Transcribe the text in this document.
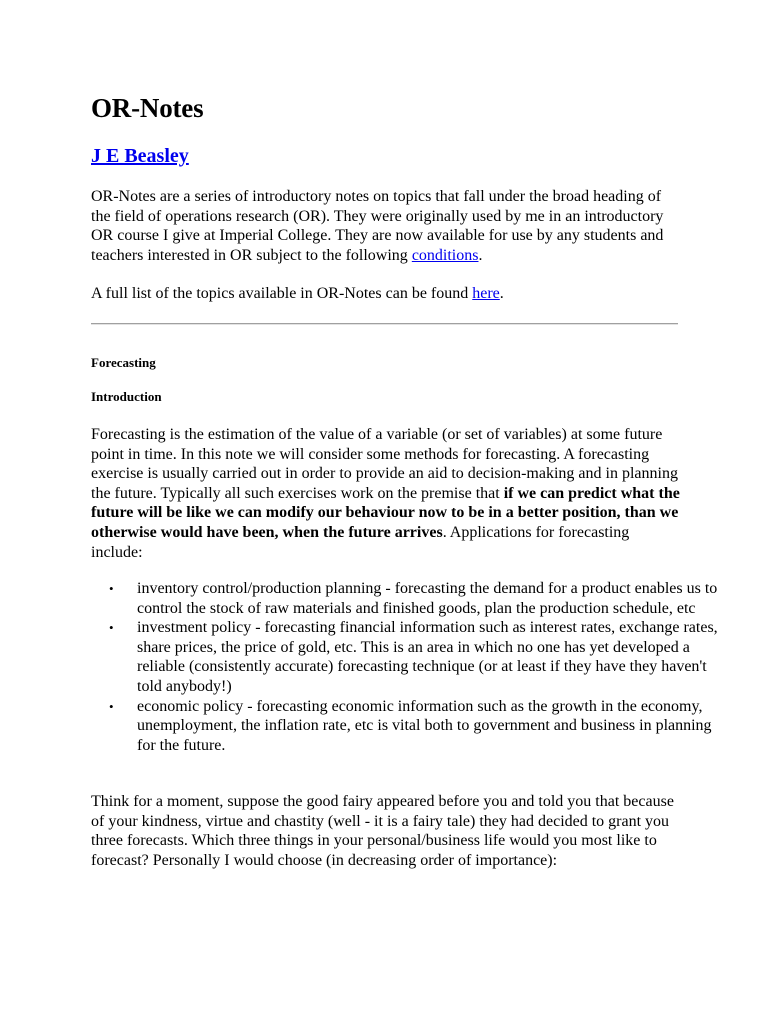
OR-Notes
J E Beasley

OR-Notes are a series of introductory notes on topics that fall under the broad heading of the field of operations research (OR). They were originally used by me in an introductory OR course I give at Imperial College. They are now available for use by any students and teachers interested in OR subject to the following conditions.

A full list of the topics available in OR-Notes can be found here.

Forecasting

Introduction

Forecasting is the estimation of the value of a variable (or set of variables) at some future point in time. In this note we will consider some methods for forecasting. A forecasting exercise is usually carried out in order to provide an aid to decision-making and in planning the future. Typically all such exercises work on the premise that if we can predict what the future will be like we can modify our behaviour now to be in a better position, than we otherwise would have been, when the future arrives. Applications for forecasting include:

• inventory control/production planning - forecasting the demand for a product enables us to control the stock of raw materials and finished goods, plan the production schedule, etc
• investment policy - forecasting financial information such as interest rates, exchange rates, share prices, the price of gold, etc. This is an area in which no one has yet developed a reliable (consistently accurate) forecasting technique (or at least if they have they haven't told anybody!)
• economic policy - forecasting economic information such as the growth in the economy, unemployment, the inflation rate, etc is vital both to government and business in planning for the future.

Think for a moment, suppose the good fairy appeared before you and told you that because of your kindness, virtue and chastity (well - it is a fairy tale) they had decided to grant you three forecasts. Which three things in your personal/business life would you most like to forecast? Personally I would choose (in decreasing order of importance):
